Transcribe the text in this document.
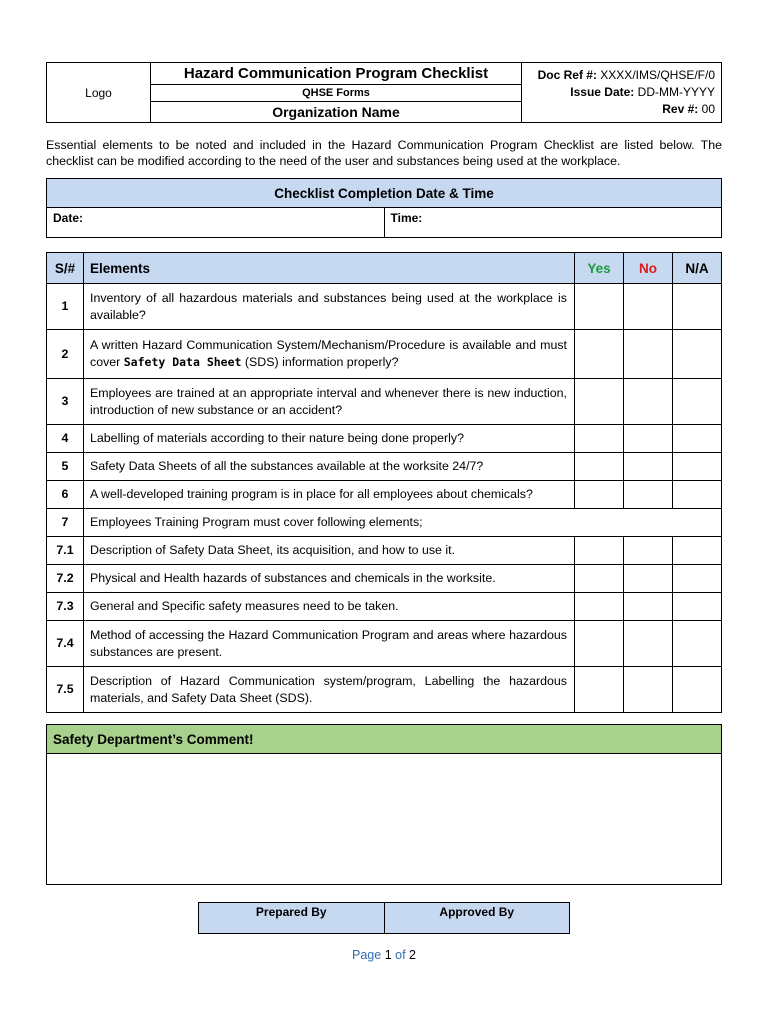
Logo	
Hazard Communication Program Checklist
QHSE Forms
Organization Name

Doc Ref #: XXXX/IMS/QHSE/F/0
Issue Date: DD-MM-YYYY
Rev #: 00
Essential elements to be noted and included in the Hazard Communication Program Checklist are listed below. The checklist can be modified according to the need of the user and substances being used at the workplace.
Checklist Completion Date & Time
Date:	Time:
S/#	Elements	Yes	No	N/A
1	Inventory of all hazardous materials and substances being used at the workplace is available?			
2	A written Hazard Communication System/Mechanism/Procedure is available and must cover Safety Data Sheet (SDS) information properly?			
3	Employees are trained at an appropriate interval and whenever there is new induction, introduction of new substance or an accident?			
4	Labelling of materials according to their nature being done properly?			
5	Safety Data Sheets of all the substances available at the worksite 24/7?			
6	A well-developed training program is in place for all employees about chemicals?			
7	Employees Training Program must cover following elements;			
7.1	Description of Safety Data Sheet, its acquisition, and how to use it.			
7.2	Physical and Health hazards of substances and chemicals in the worksite.			
7.3	General and Specific safety measures need to be taken.			
7.4	Method of accessing the Hazard Communication Program and areas where hazardous substances are present.			
7.5	Description of Hazard Communication system/program, Labelling the hazardous materials, and Safety Data Sheet (SDS).			
Safety Department’s Comment!

Prepared By	Approved By
Page 1 of 2
